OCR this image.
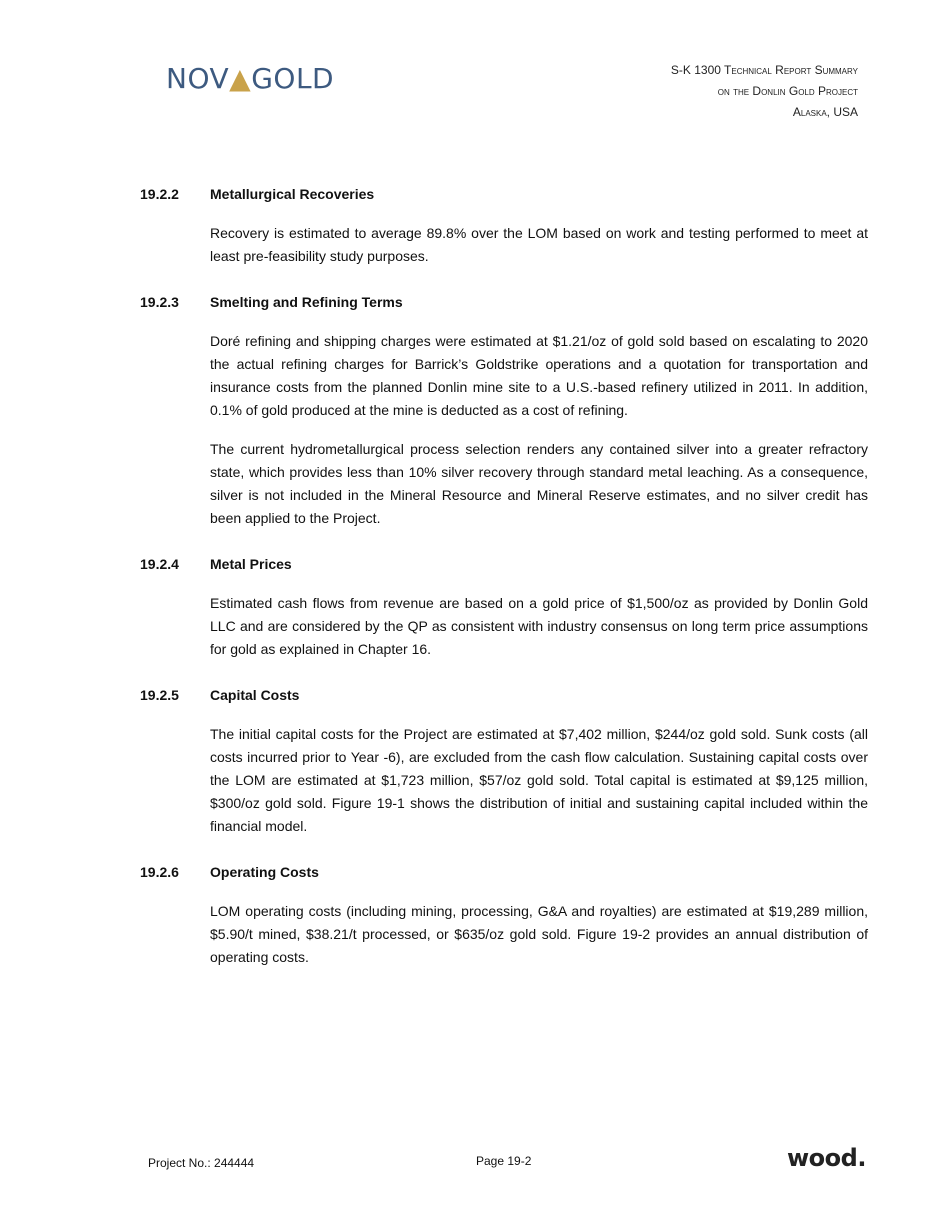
NOV▲GOLD	S-K 1300 Technical Report Summary
on the Donlin Gold Project
Alaska, USA
19.2.2	Metallurgical Recoveries

Recovery is estimated to average 89.8% over the LOM based on work and testing performed to meet at least pre-feasibility study purposes.

19.2.3	Smelting and Refining Terms

Doré refining and shipping charges were estimated at $1.21/oz of gold sold based on escalating to 2020 the actual refining charges for Barrick’s Goldstrike operations and a quotation for transportation and insurance costs from the planned Donlin mine site to a U.S.-based refinery utilized in 2011. In addition, 0.1% of gold produced at the mine is deducted as a cost of refining.

The current hydrometallurgical process selection renders any contained silver into a greater refractory state, which provides less than 10% silver recovery through standard metal leaching. As a consequence, silver is not included in the Mineral Resource and Mineral Reserve estimates, and no silver credit has been applied to the Project.

19.2.4	Metal Prices

Estimated cash flows from revenue are based on a gold price of $1,500/oz as provided by Donlin Gold LLC and are considered by the QP as consistent with industry consensus on long term price assumptions for gold as explained in Chapter 16.

19.2.5	Capital Costs

The initial capital costs for the Project are estimated at $7,402 million, $244/oz gold sold. Sunk costs (all costs incurred prior to Year -6), are excluded from the cash flow calculation. Sustaining capital costs over the LOM are estimated at $1,723 million, $57/oz gold sold. Total capital is estimated at $9,125 million, $300/oz gold sold. Figure 19-1 shows the distribution of initial and sustaining capital included within the financial model.

19.2.6	Operating Costs

LOM operating costs (including mining, processing, G&A and royalties) are estimated at $19,289 million, $5.90/t mined, $38.21/t processed, or $635/oz gold sold. Figure 19-2 provides an annual distribution of operating costs.

Project No.: 244444	Page 19-2	wood.
